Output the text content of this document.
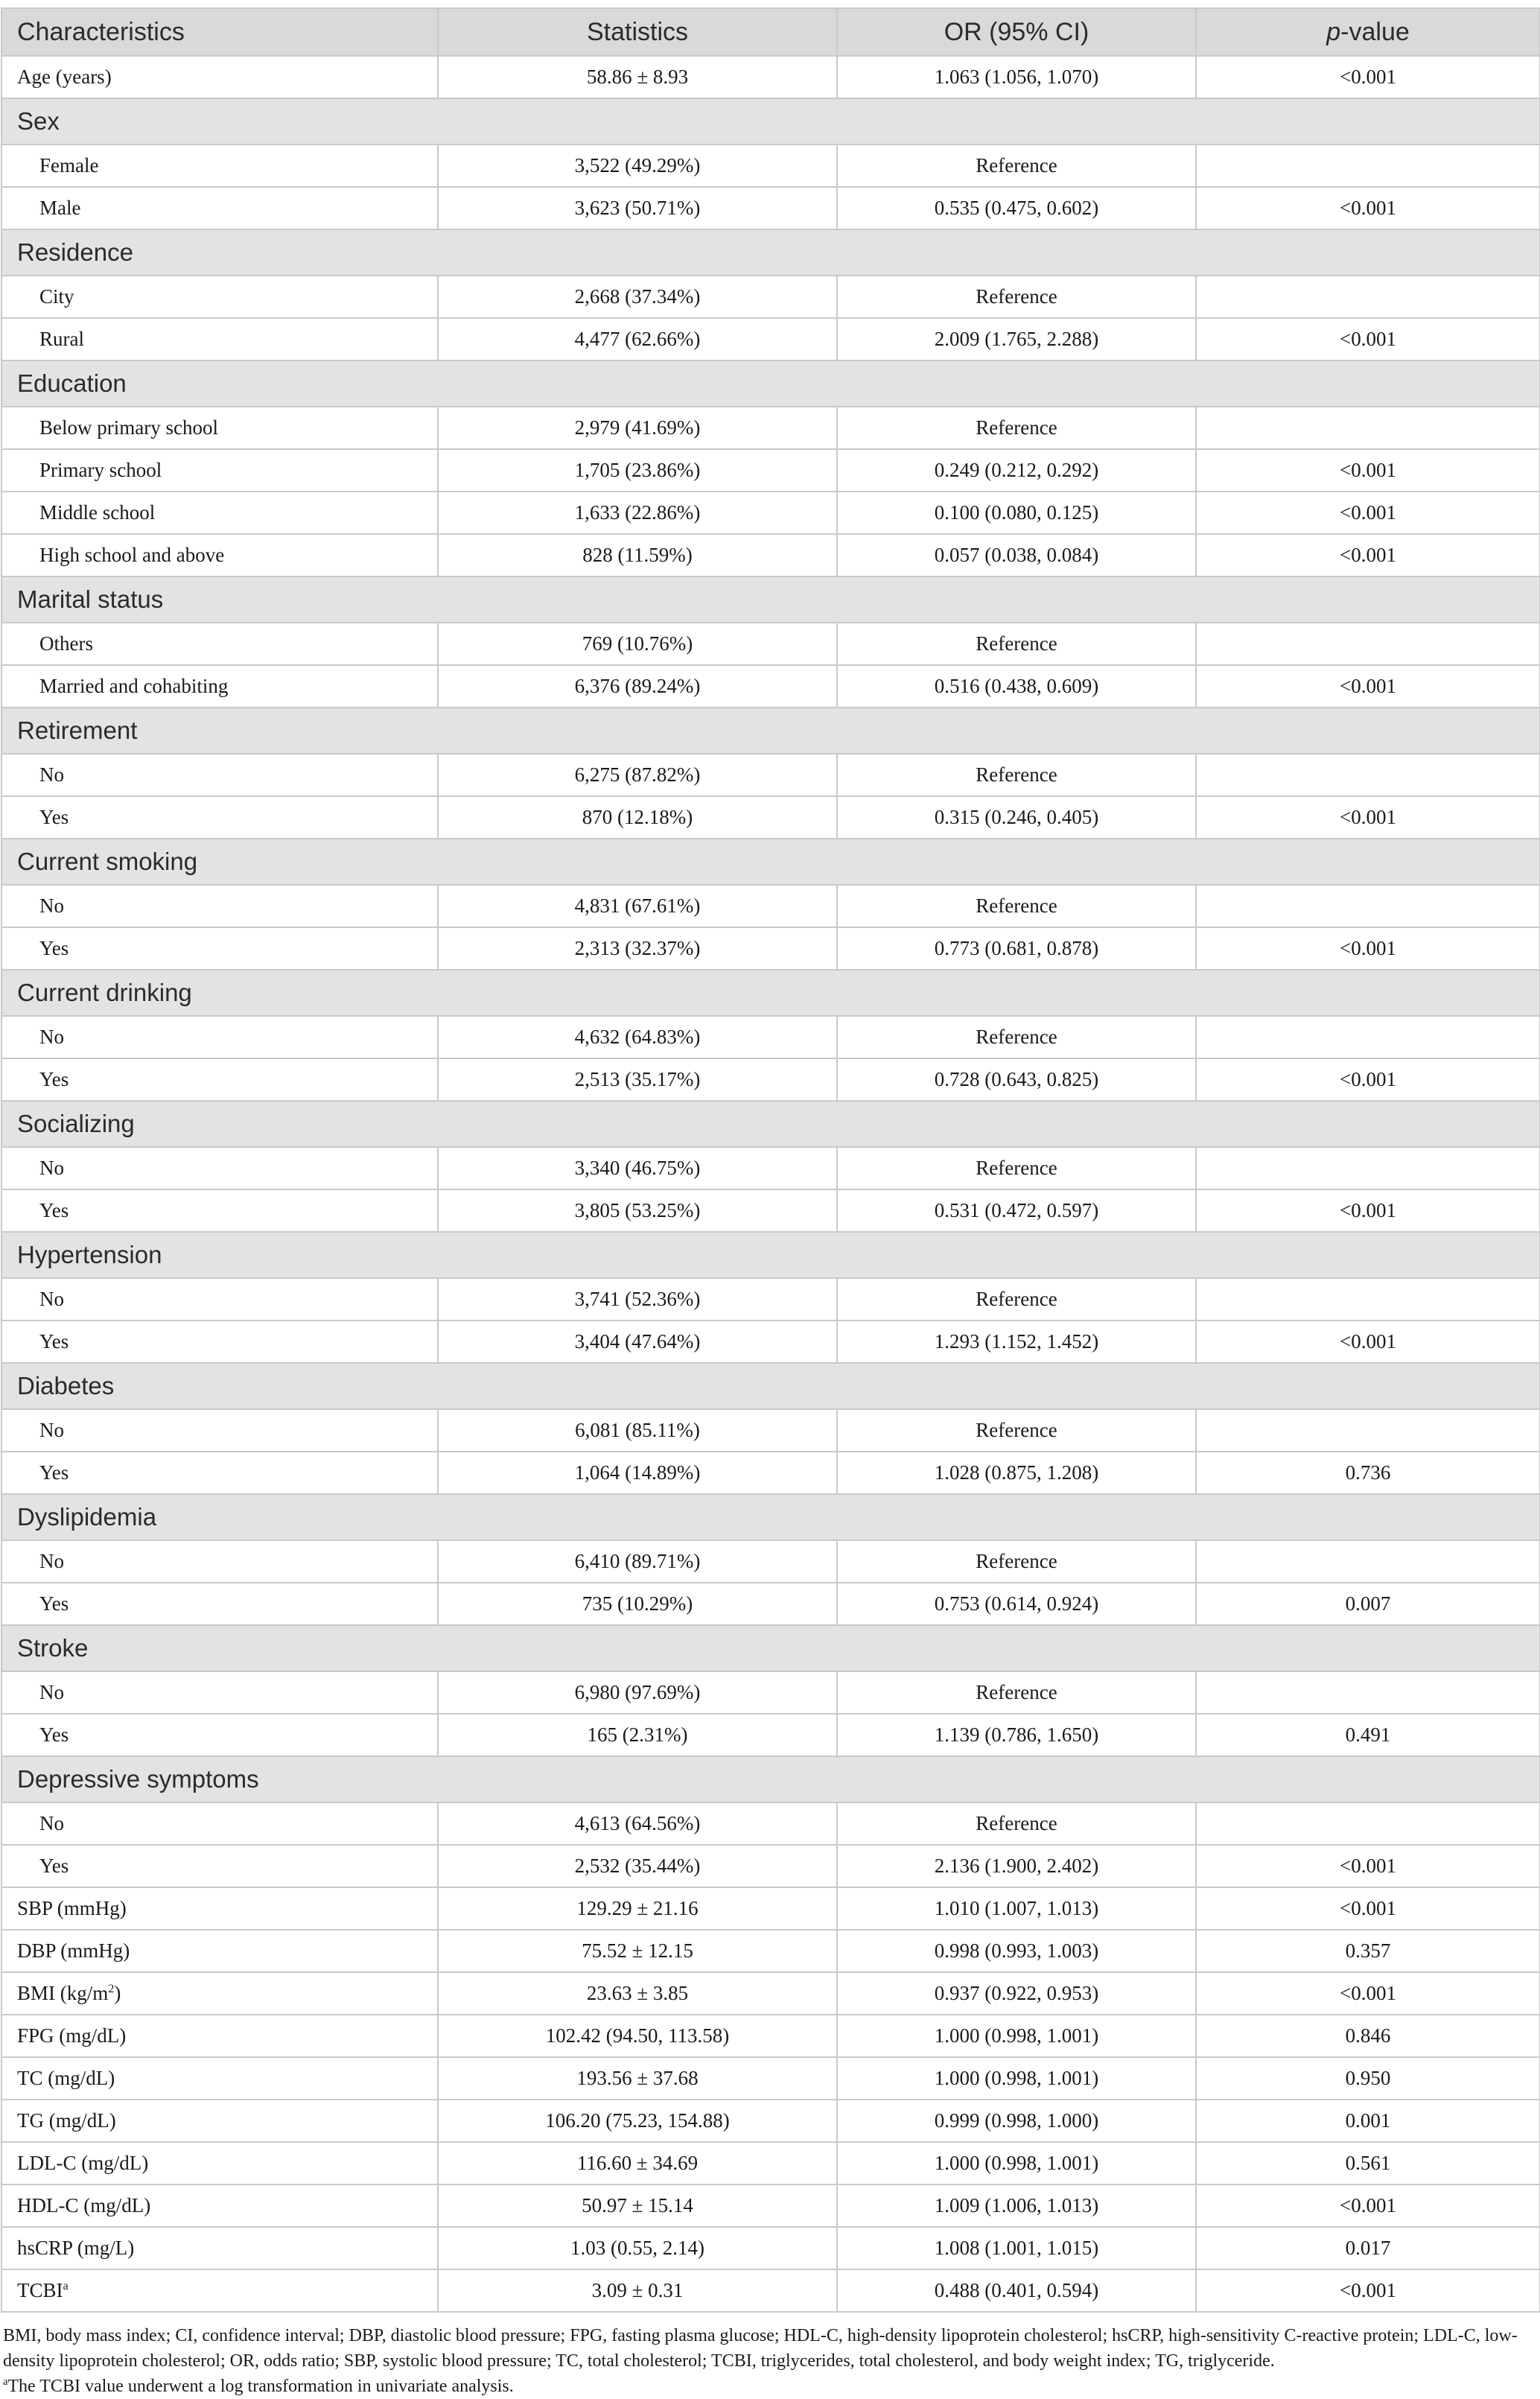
Characteristics	Statistics	OR (95% CI)	p-value
Age (years)	58.86 ± 8.93	1.063 (1.056, 1.070)	<0.001
Sex			
Female	3,522 (49.29%)	Reference	
Male	3,623 (50.71%)	0.535 (0.475, 0.602)	<0.001
Residence			
City	2,668 (37.34%)	Reference	
Rural	4,477 (62.66%)	2.009 (1.765, 2.288)	<0.001
Education			
Below primary school	2,979 (41.69%)	Reference	
Primary school	1,705 (23.86%)	0.249 (0.212, 0.292)	<0.001
Middle school	1,633 (22.86%)	0.100 (0.080, 0.125)	<0.001
High school and above	828 (11.59%)	0.057 (0.038, 0.084)	<0.001
Marital status			
Others	769 (10.76%)	Reference	
Married and cohabiting	6,376 (89.24%)	0.516 (0.438, 0.609)	<0.001
Retirement			
No	6,275 (87.82%)	Reference	
Yes	870 (12.18%)	0.315 (0.246, 0.405)	<0.001
Current smoking			
No	4,831 (67.61%)	Reference	
Yes	2,313 (32.37%)	0.773 (0.681, 0.878)	<0.001
Current drinking			
No	4,632 (64.83%)	Reference	
Yes	2,513 (35.17%)	0.728 (0.643, 0.825)	<0.001
Socializing			
No	3,340 (46.75%)	Reference	
Yes	3,805 (53.25%)	0.531 (0.472, 0.597)	<0.001
Hypertension			
No	3,741 (52.36%)	Reference	
Yes	3,404 (47.64%)	1.293 (1.152, 1.452)	<0.001
Diabetes			
No	6,081 (85.11%)	Reference	
Yes	1,064 (14.89%)	1.028 (0.875, 1.208)	0.736
Dyslipidemia			
No	6,410 (89.71%)	Reference	
Yes	735 (10.29%)	0.753 (0.614, 0.924)	0.007
Stroke			
No	6,980 (97.69%)	Reference	
Yes	165 (2.31%)	1.139 (0.786, 1.650)	0.491
Depressive symptoms			
No	4,613 (64.56%)	Reference	
Yes	2,532 (35.44%)	2.136 (1.900, 2.402)	<0.001
SBP (mmHg)	129.29 ± 21.16	1.010 (1.007, 1.013)	<0.001
DBP (mmHg)	75.52 ± 12.15	0.998 (0.993, 1.003)	0.357
BMI $(kg/m^2)$	23.63 ± 3.85	0.937 (0.922, 0.953)	<0.001
FPG (mg/dL)	102.42 (94.50, 113.58)	1.000 (0.998, 1.001)	0.846
TC (mg/dL)	193.56 ± 37.68	1.000 (0.998, 1.001)	0.950
TG (mg/dL)	106.20 (75.23, 154.88)	0.999 (0.998, 1.000)	0.001
LDL-C (mg/dL)	116.60 ± 34.69	1.000 (0.998, 1.001)	0.561
HDL-C (mg/dL)	50.97 ± 15.14	1.009 (1.006, 1.013)	<0.001
hsCRP (mg/L)	1.03 (0.55, 2.14)	1.008 (1.001, 1.015)	0.017
TCBI$^a$	3.09 ± 0.31	0.488 (0.401, 0.594)	<0.001

BMI, body mass index; CI, confidence interval; DBP, diastolic blood pressure; FPG, fasting plasma glucose; HDL-C, high-density lipoprotein cholesterol; hsCRP, high-sensitivity C-reactive protein; LDL-C, low-density lipoprotein cholesterol; OR, odds ratio; SBP, systolic blood pressure; TC, total cholesterol; TCBI, triglycerides, total cholesterol, and body weight index; TG, triglyceride.

$^a$The TCBI value underwent a log transformation in univariate analysis.
